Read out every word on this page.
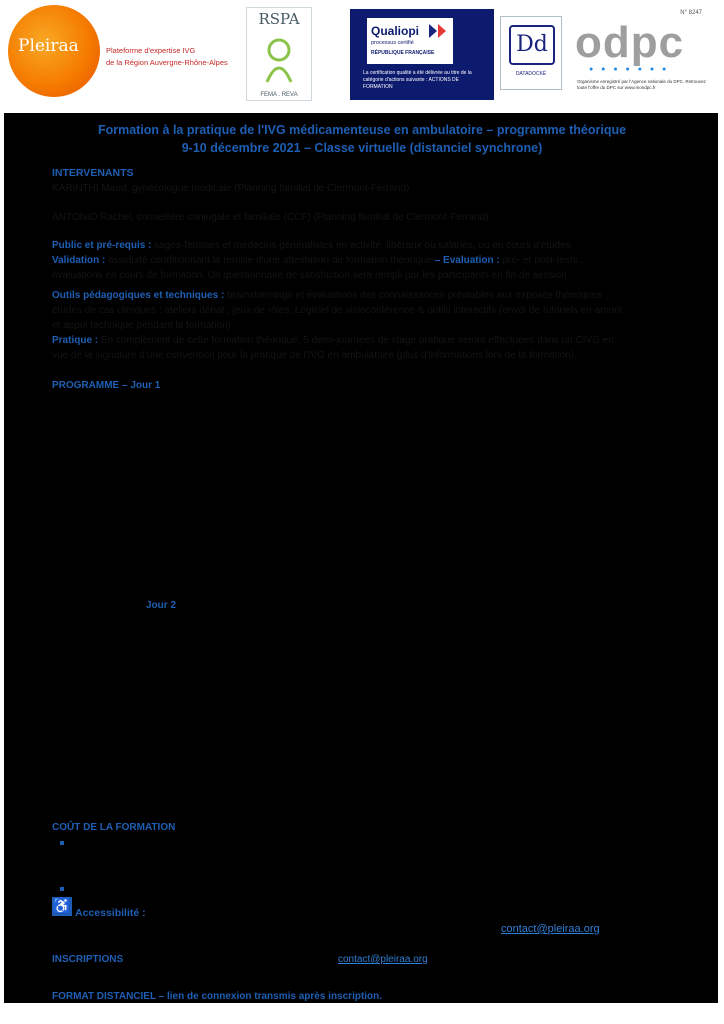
Pleiraa	Plateforme d'expertise IVG
de la Région Auvergne-Rhône-Alpes
RSPA
FEMA . REVA
Qualiopi
processus certifié
RÉPUBLIQUE FRANÇAISE
La certification qualité a été délivrée au titre de la catégorie d'actions suivante : ACTIONS DE FORMATION
Dd
DATADOCKÉ
N° 8247
odpc
● ● ● ● ● ● ●
Organisme enregistré par l'Agence nationale du DPC. Retrouvez toute l'offre du DPC sur www.mondpc.fr
Formation à la pratique de l'IVG médicamenteuse en ambulatoire – programme théorique
9-10 décembre 2021 – Classe virtuelle (distanciel synchrone)
INTERVENANTS
KARINTHI Maud, gynécologue médicale (Planning familial de Clermont-Ferrand)
ANTONIO Rachel, conseillère conjugale et familiale (CCF) (Planning familial de Clermont-Ferrand)
Public et pré-requis : sages-femmes et médecins généralistes en activité, libéraux ou salariés, ou en cours d'études.
Validation : assiduité conditionnant la remise d'une attestation de formation théorique – Evaluation : pré- et post-tests ;
évaluations en cours de formation. Un questionnaire de satisfaction sera rempli par les participants en fin de session.
Outils pédagogiques et techniques : brainstormings et évaluations des connaissances préalables aux exposés théoriques ;
études de cas cliniques ; ateliers débat ; jeux de rôles. Logiciel de visioconférence & outils interactifs (envoi de tutoriels en amont
et appui technique pendant la formation).
Pratique : En complément de cette formation théorique, 5 demi-journées de stage pratique seront effectuées dans un CIVG en
vue de la signature d'une convention pour la pratique de l'IVG en ambulatoire (plus d'informations lors de la formation).
PROGRAMME – Jour 1
Jour 2
COÛT DE LA FORMATION
♿ Accessibilité :
contact@pleiraa.org
INSCRIPTIONS	contact@pleiraa.org
FORMAT DISTANCIEL – lien de connexion transmis après inscription.
